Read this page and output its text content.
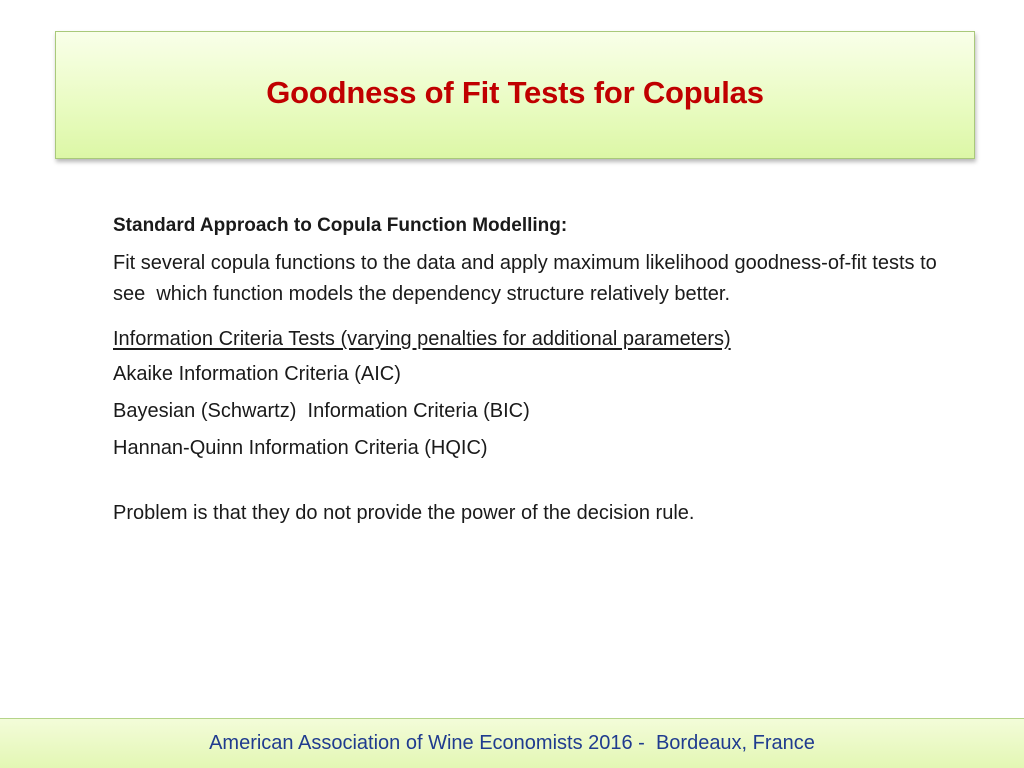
Goodness of Fit Tests for Copulas
Standard Approach to Copula Function Modelling:
Fit several copula functions to the data and apply maximum likelihood goodness-of-fit tests to see  which function models the dependency structure relatively better.
Information Criteria Tests (varying penalties for additional parameters)
Akaike Information Criteria (AIC)
Bayesian (Schwartz)  Information Criteria (BIC)
Hannan-Quinn Information Criteria (HQIC)
Problem is that they do not provide the power of the decision rule.
American Association of Wine Economists 2016 -  Bordeaux, France
